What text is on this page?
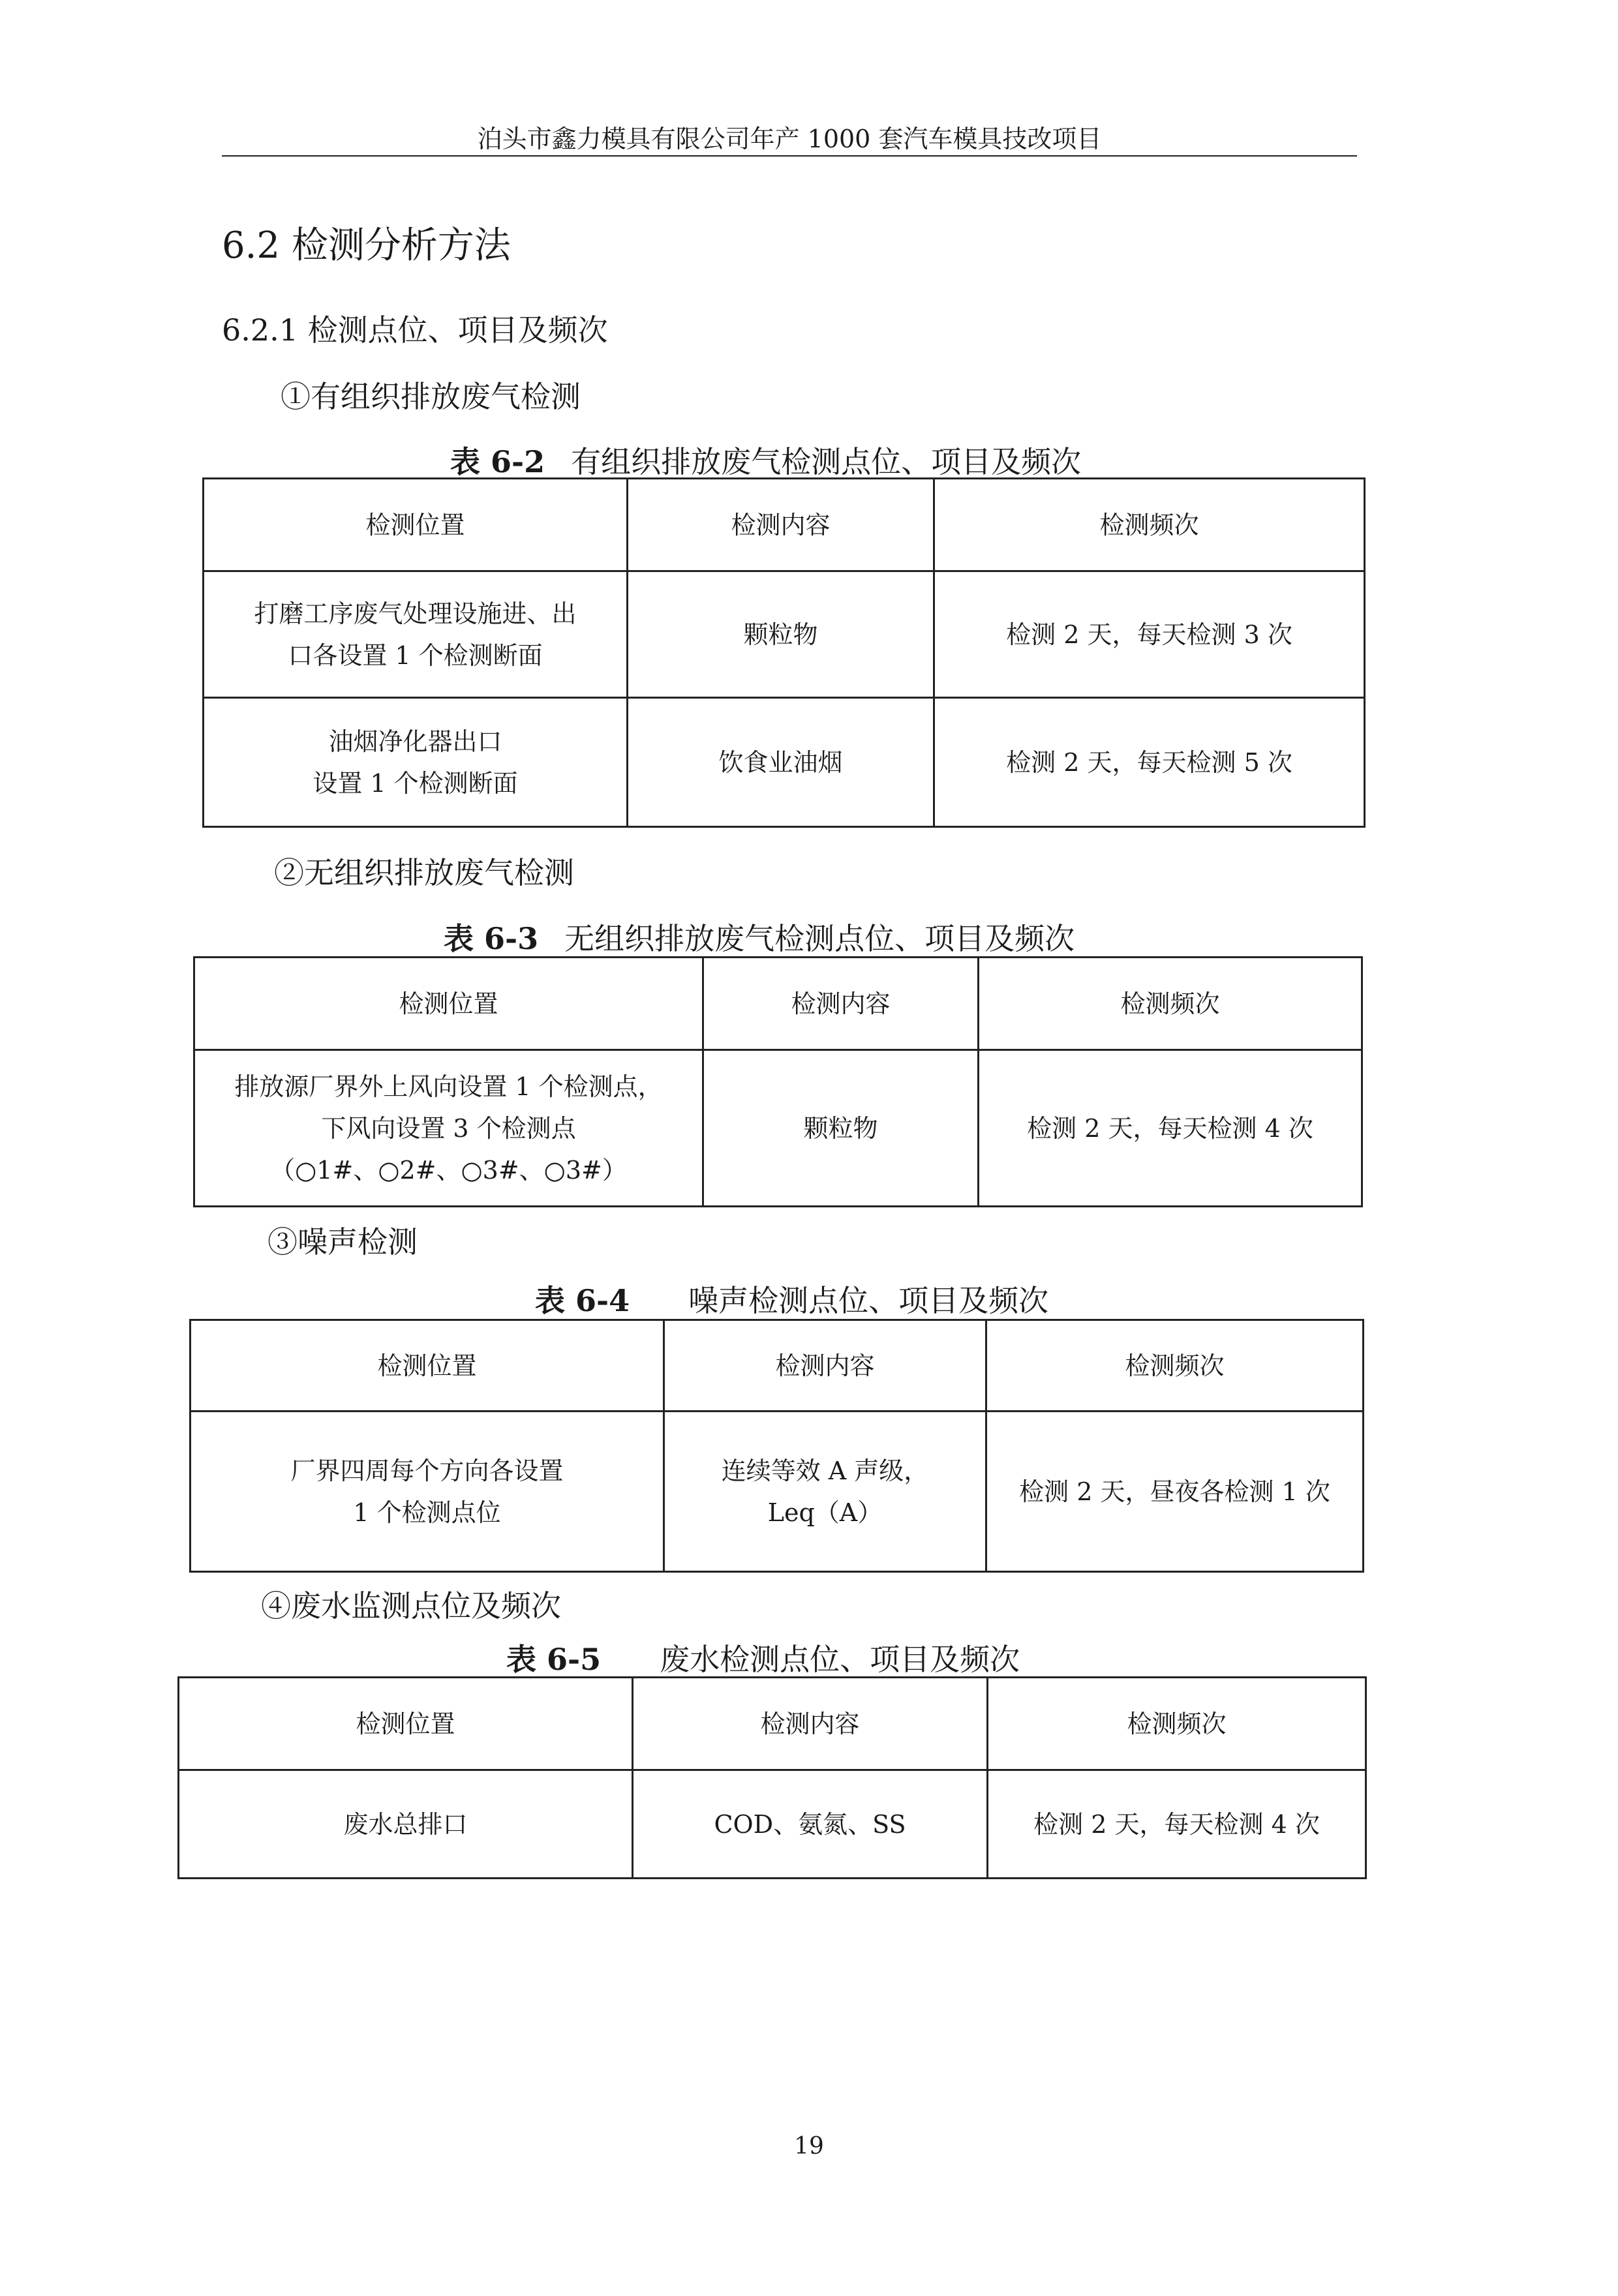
泊头市鑫力模具有限公司年产 1000 套汽车模具技改项目
6.2 检测分析方法
6.2.1 检测点位、项目及频次
①有组织排放废气检测
表 6-2 有组织排放废气检测点位、项目及频次
检测位置	检测内容	检测频次

打磨工序废气处理设施进、出
口各设置 1 个检测断面	颗粒物	检测 2 天，每天检测 3 次

油烟净化器出口
设置 1 个检测断面	饮食业油烟	检测 2 天，每天检测 5 次
②无组织排放废气检测
表 6-3 无组织排放废气检测点位、项目及频次
检测位置	检测内容	检测频次

排放源厂界外上风向设置 1 个检测点，
下风向设置 3 个检测点
（○1#、○2#、○3#、○3#）	颗粒物	检测 2 天，每天检测 4 次
③噪声检测
表 6-4 噪声检测点位、项目及频次
检测位置	检测内容	检测频次

厂界四周每个方向各设置
1 个检测点位	连续等效 A 声级，
Leq（A）	检测 2 天，昼夜各检测 1 次
④废水监测点位及频次
表 6-5 废水检测点位、项目及频次
检测位置	检测内容	检测频次
废水总排口	COD、氨氮、SS	检测 2 天，每天检测 4 次
19
